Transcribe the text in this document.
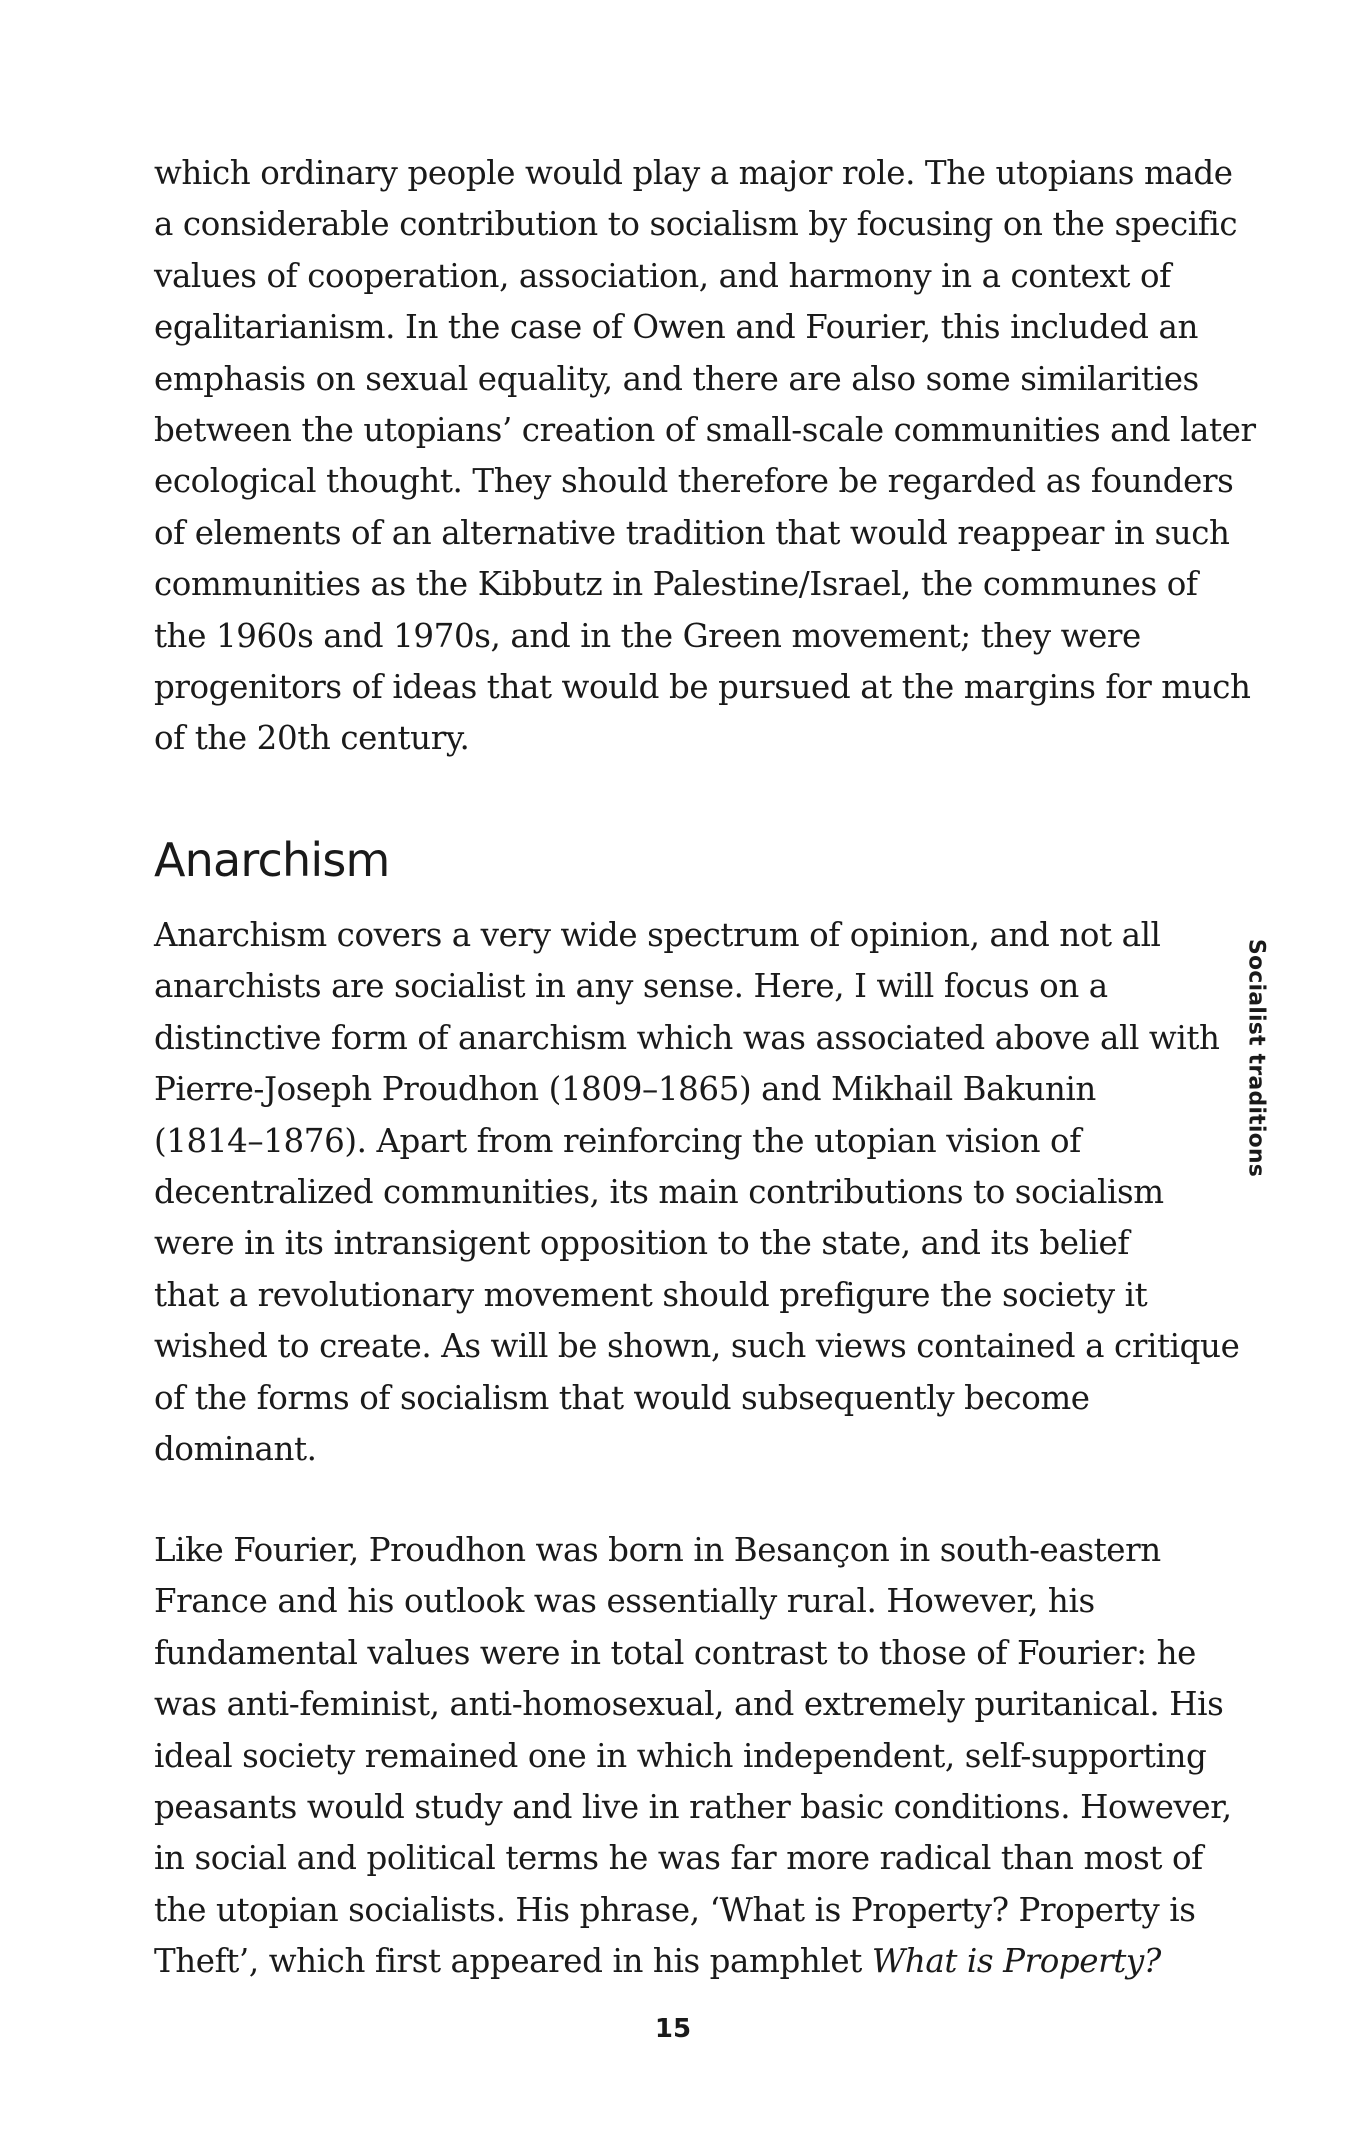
which ordinary people would play a major role. The utopians made
a considerable contribution to socialism by focusing on the specific
values of cooperation, association, and harmony in a context of
egalitarianism. In the case of Owen and Fourier, this included an
emphasis on sexual equality, and there are also some similarities
between the utopians’ creation of small-scale communities and later
ecological thought. They should therefore be regarded as founders
of elements of an alternative tradition that would reappear in such
communities as the Kibbutz in Palestine/Israel, the communes of
the 1960s and 1970s, and in the Green movement; they were
progenitors of ideas that would be pursued at the margins for much
of the 20th century.

Anarchism

Anarchism covers a very wide spectrum of opinion, and not all
anarchists are socialist in any sense. Here, I will focus on a
distinctive form of anarchism which was associated above all with
Pierre-Joseph Proudhon (1809–1865) and Mikhail Bakunin
(1814–1876). Apart from reinforcing the utopian vision of
decentralized communities, its main contributions to socialism
were in its intransigent opposition to the state, and its belief
that a revolutionary movement should prefigure the society it
wished to create. As will be shown, such views contained a critique
of the forms of socialism that would subsequently become
dominant.

Socialist traditions

Like Fourier, Proudhon was born in Besançon in south-eastern
France and his outlook was essentially rural. However, his
fundamental values were in total contrast to those of Fourier: he
was anti-feminist, anti-homosexual, and extremely puritanical. His
ideal society remained one in which independent, self-supporting
peasants would study and live in rather basic conditions. However,
in social and political terms he was far more radical than most of
the utopian socialists. His phrase, ‘What is Property? Property is
Theft’, which first appeared in his pamphlet What is Property?

15
